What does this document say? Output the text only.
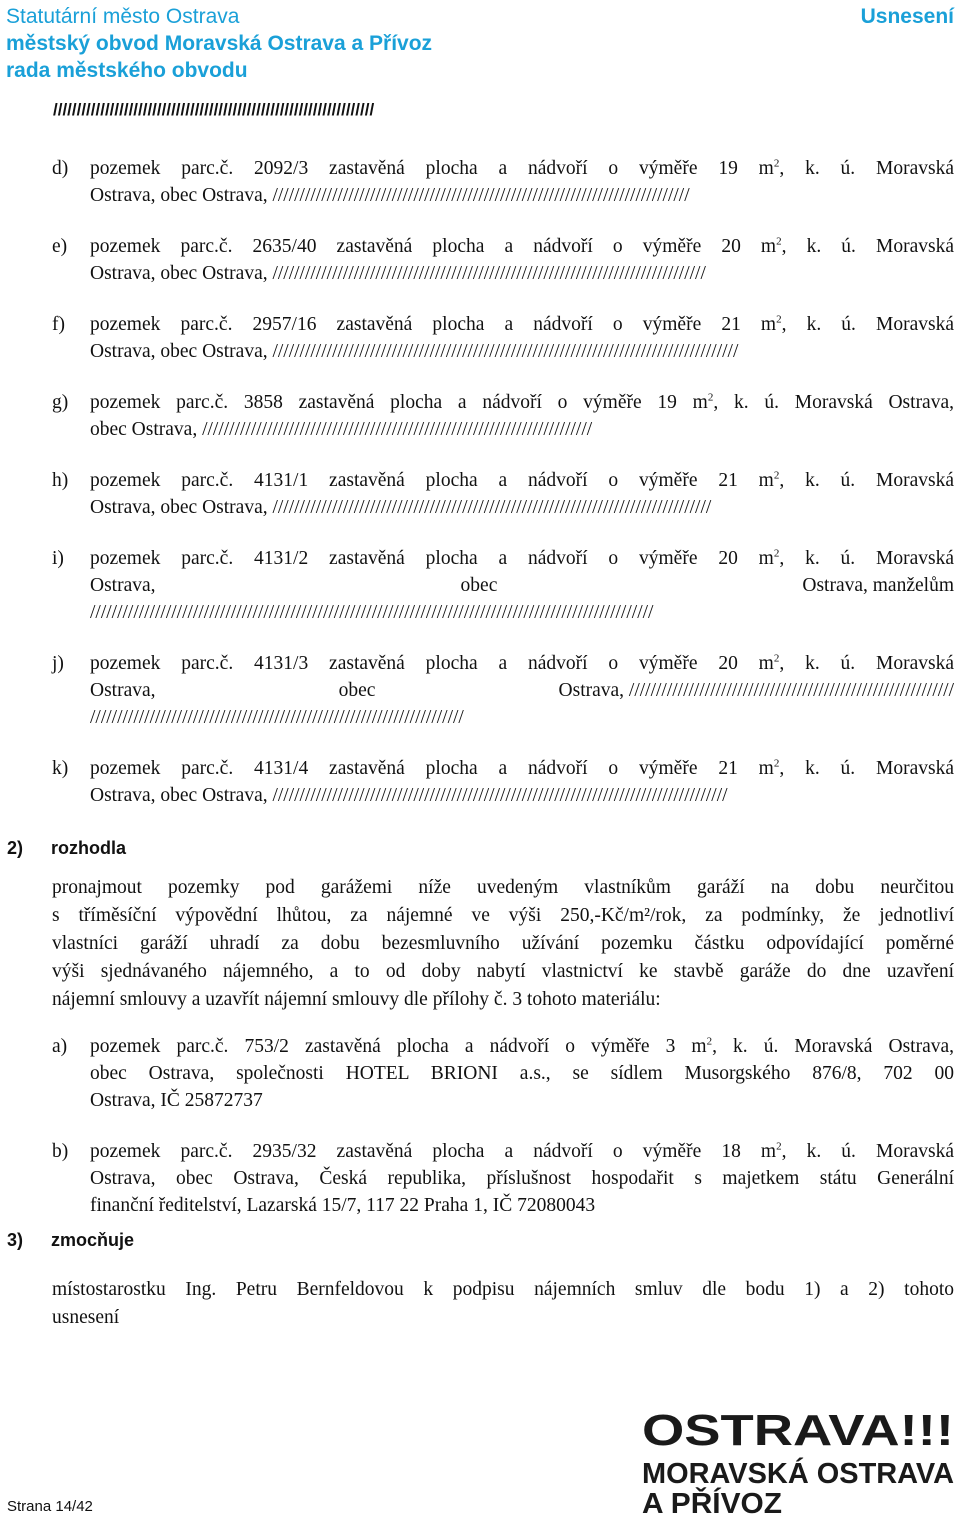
Statutární město Ostrava	Usnesení
městský obvod Moravská Ostrava a Přívoz
rada městského obvodu
////////////////////////////////////////////////////////////////////
d) pozemek parc.č. 2092/3 zastavěná plocha a nádvoří o výměře 19 $m^2$, k. ú. Moravská
Ostrava, obec Ostrava, /////////////////////////////////////////////////////////////////////////////
e) pozemek parc.č. 2635/40 zastavěná plocha a nádvoří o výměře 20 $m^2$, k. ú. Moravská
Ostrava, obec Ostrava, ////////////////////////////////////////////////////////////////////////////////
f) pozemek parc.č. 2957/16 zastavěná plocha a nádvoří o výměře 21 $m^2$, k. ú. Moravská
Ostrava, obec Ostrava, //////////////////////////////////////////////////////////////////////////////////////
g) pozemek parc.č. 3858 zastavěná plocha a nádvoří o výměře 19 $m^2$, k. ú. Moravská Ostrava,
obec Ostrava, ////////////////////////////////////////////////////////////////////////
h) pozemek parc.č. 4131/1 zastavěná plocha a nádvoří o výměře 21 $m^2$, k. ú. Moravská
Ostrava, obec Ostrava, /////////////////////////////////////////////////////////////////////////////////
i) pozemek parc.č. 4131/2 zastavěná plocha a nádvoří o výměře 20 $m^2$, k. ú. Moravská
Ostrava,	obec	Ostrava, manželům
////////////////////////////////////////////////////////////////////////////////////////////////////////
j) pozemek parc.č. 4131/3 zastavěná plocha a nádvoří o výměře 20 $m^2$, k. ú. Moravská
Ostrava,	obec	Ostrava, ////////////////////////////////////////////////////////////
/////////////////////////////////////////////////////////////////////
k) pozemek parc.č. 4131/4 zastavěná plocha a nádvoří o výměře 21 $m^2$, k. ú. Moravská
Ostrava, obec Ostrava, ////////////////////////////////////////////////////////////////////////////////////
2) rozhodla
pronajmout pozemky pod garážemi níže uvedeným vlastníkům garáží na dobu neurčitou
s tříměsíční výpovědní lhůtou, za nájemné ve výši 250,-Kč/m²/rok, za podmínky, že jednotliví
vlastníci garáží uhradí za dobu bezesmluvního užívání pozemku částku odpovídající poměrné
výši sjednávaného nájemného, a to od doby nabytí vlastnictví ke stavbě garáže do dne uzavření
nájemní smlouvy a uzavřít nájemní smlouvy dle přílohy č. 3 tohoto materiálu:
a) pozemek parc.č. 753/2 zastavěná plocha a nádvoří o výměře 3 $m^2$, k. ú. Moravská Ostrava,
obec Ostrava, společnosti HOTEL BRIONI a.s., se sídlem Musorgského 876/8, 702 00
Ostrava, IČ 25872737
b) pozemek parc.č. 2935/32 zastavěná plocha a nádvoří o výměře 18 $m^2$, k. ú. Moravská
Ostrava, obec Ostrava, Česká republika, příslušnost hospodařit s majetkem státu Generální
finanční ředitelství, Lazarská 15/7, 117 22 Praha 1, IČ 72080043
3) zmocňuje
místostarostku Ing. Petru Bernfeldovou k podpisu nájemních smluv dle bodu 1) a 2) tohoto
usnesení
Strana 14/42
OSTRAVA!!!
MORAVSKÁ OSTRAVA
A PŘÍVOZ
